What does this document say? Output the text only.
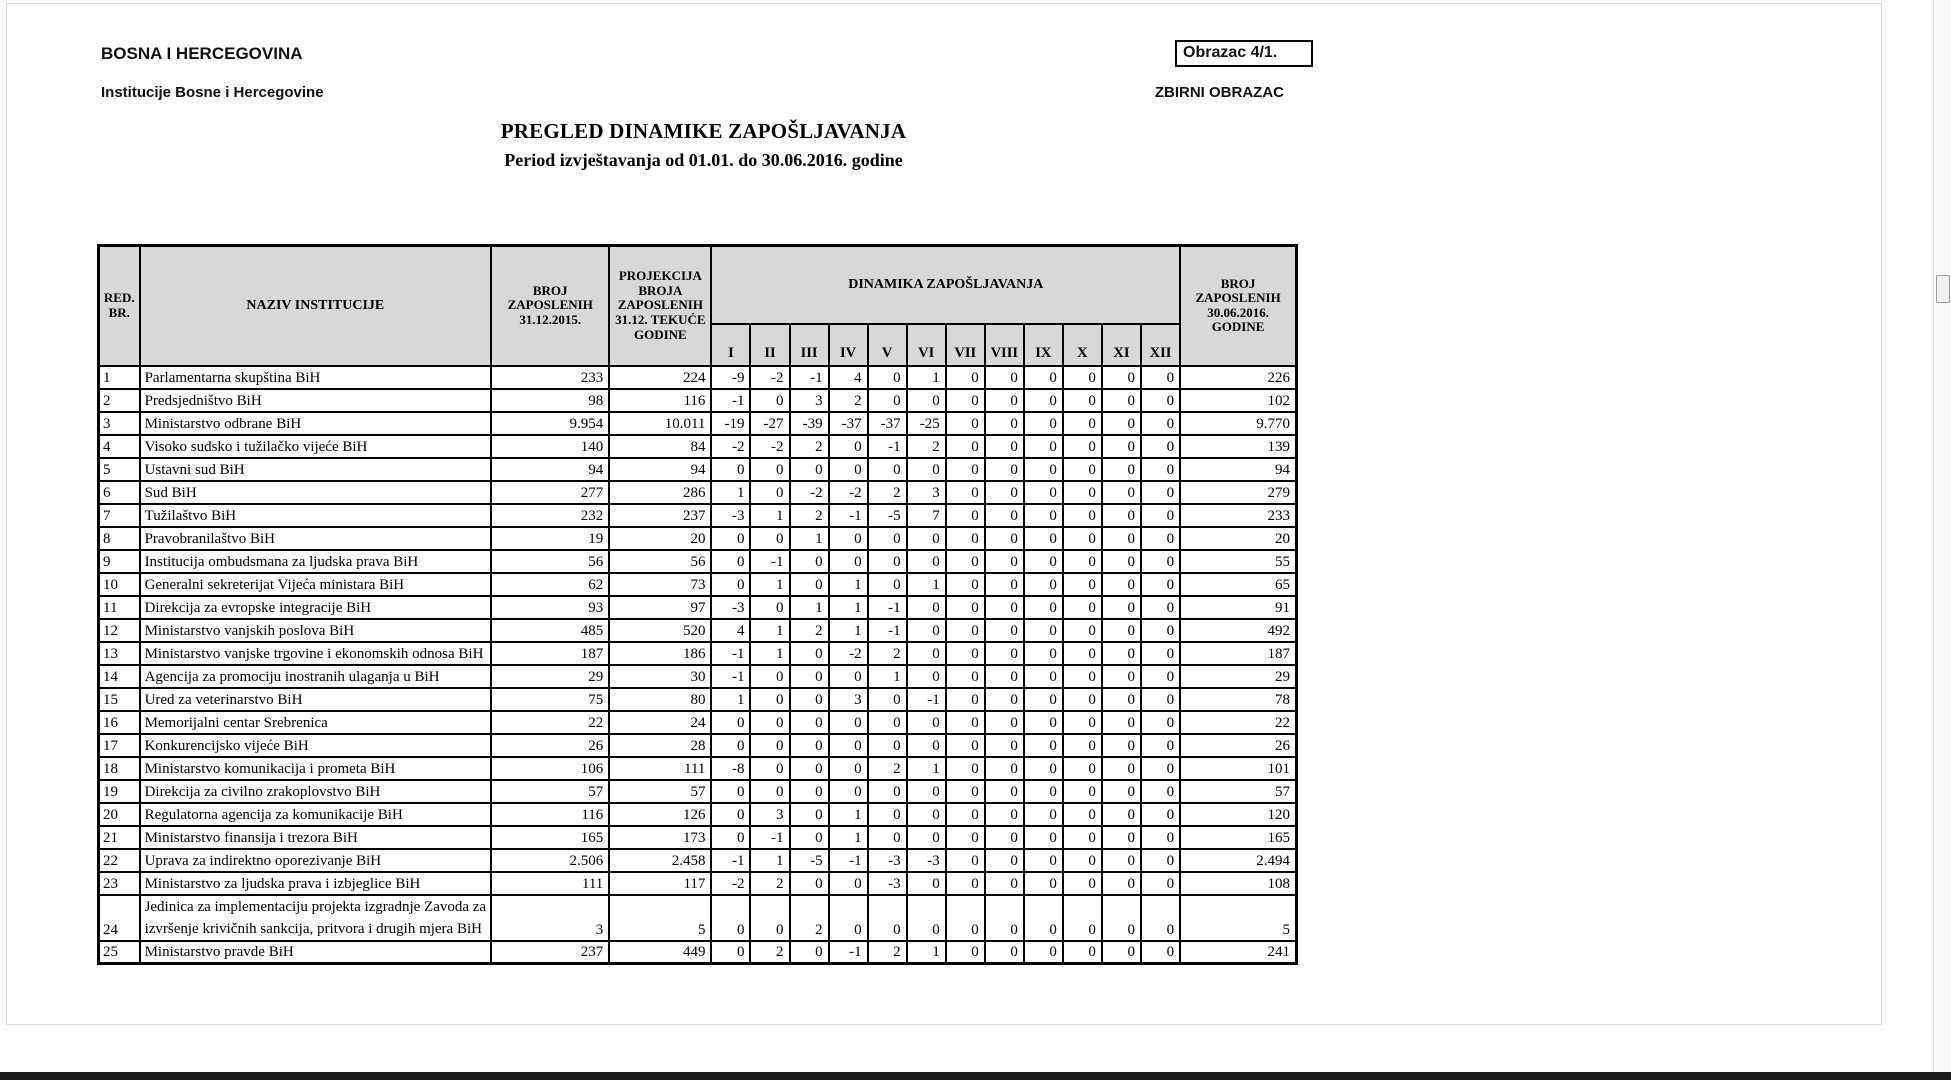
BOSNA I HERCEGOVINA
Institucije Bosne i Hercegovine
Obrazac 4/1.
ZBIRNI OBRAZAC
PREGLED DINAMIKE ZAPOŠLJAVANJA
Period izvještavanja od 01.01. do 30.06.2016. godine
RED. BR.	NAZIV INSTITUCIJE	BROJ ZAPOSLENIH 31.12.2015.	PROJEKCIJA BROJA ZAPOSLENIH 31.12. TEKUĆE GODINE	DINAMIKA ZAPOŠLJAVANJA												BROJ ZAPOSLENIH 30.06.2016. GODINE
				I	II	III	IV	V	VI	VII	VIII	IX	X	XI	XII	
1	Parlamentarna skupština BiH	233	224	-9	-2	-1	4	0	1	0	0	0	0	0	0	226
2	Predsjedništvo BiH	98	116	-1	0	3	2	0	0	0	0	0	0	0	0	102
3	Ministarstvo odbrane BiH	9.954	10.011	-19	-27	-39	-37	-37	-25	0	0	0	0	0	0	9.770
4	Visoko sudsko i tužilačko vijeće BiH	140	84	-2	-2	2	0	-1	2	0	0	0	0	0	0	139
5	Ustavni sud BiH	94	94	0	0	0	0	0	0	0	0	0	0	0	0	94
6	Sud BiH	277	286	1	0	-2	-2	2	3	0	0	0	0	0	0	279
7	Tužilaštvo BiH	232	237	-3	1	2	-1	-5	7	0	0	0	0	0	0	233
8	Pravobranilaštvo BiH	19	20	0	0	1	0	0	0	0	0	0	0	0	0	20
9	Institucija ombudsmana za ljudska prava BiH	56	56	0	-1	0	0	0	0	0	0	0	0	0	0	55
10	Generalni sekreterijat Vijeća ministara BiH	62	73	0	1	0	1	0	1	0	0	0	0	0	0	65
11	Direkcija za evropske integracije BiH	93	97	-3	0	1	1	-1	0	0	0	0	0	0	0	91
12	Ministarstvo vanjskih poslova BiH	485	520	4	1	2	1	-1	0	0	0	0	0	0	0	492
13	Ministarstvo vanjske trgovine i ekonomskih odnosa BiH	187	186	-1	1	0	-2	2	0	0	0	0	0	0	0	187
14	Agencija za promociju inostranih ulaganja u BiH	29	30	-1	0	0	0	1	0	0	0	0	0	0	0	29
15	Ured za veterinarstvo BiH	75	80	1	0	0	3	0	-1	0	0	0	0	0	0	78
16	Memorijalni centar Srebrenica	22	24	0	0	0	0	0	0	0	0	0	0	0	0	22
17	Konkurencijsko vijeće BiH	26	28	0	0	0	0	0	0	0	0	0	0	0	0	26
18	Ministarstvo komunikacija i prometa BiH	106	111	-8	0	0	0	2	1	0	0	0	0	0	0	101
19	Direkcija za civilno zrakoplovstvo BiH	57	57	0	0	0	0	0	0	0	0	0	0	0	0	57
20	Regulatorna agencija za komunikacije BiH	116	126	0	3	0	1	0	0	0	0	0	0	0	0	120
21	Ministarstvo finansija i trezora BiH	165	173	0	-1	0	1	0	0	0	0	0	0	0	0	165
22	Uprava za indirektno oporezivanje BiH	2.506	2.458	-1	1	-5	-1	-3	-3	0	0	0	0	0	0	2.494
23	Ministarstvo za ljudska prava i izbjeglice BiH	111	117	-2	2	0	0	-3	0	0	0	0	0	0	0	108
24	Jedinica za implementaciju projekta izgradnje Zavoda za izvršenje krivičnih sankcija, pritvora i drugih mjera BiH	3	5	0	0	2	0	0	0	0	0	0	0	0	0	5
25	Ministarstvo pravde BiH	237	449	0	2	0	-1	2	1	0	0	0	0	0	0	241
